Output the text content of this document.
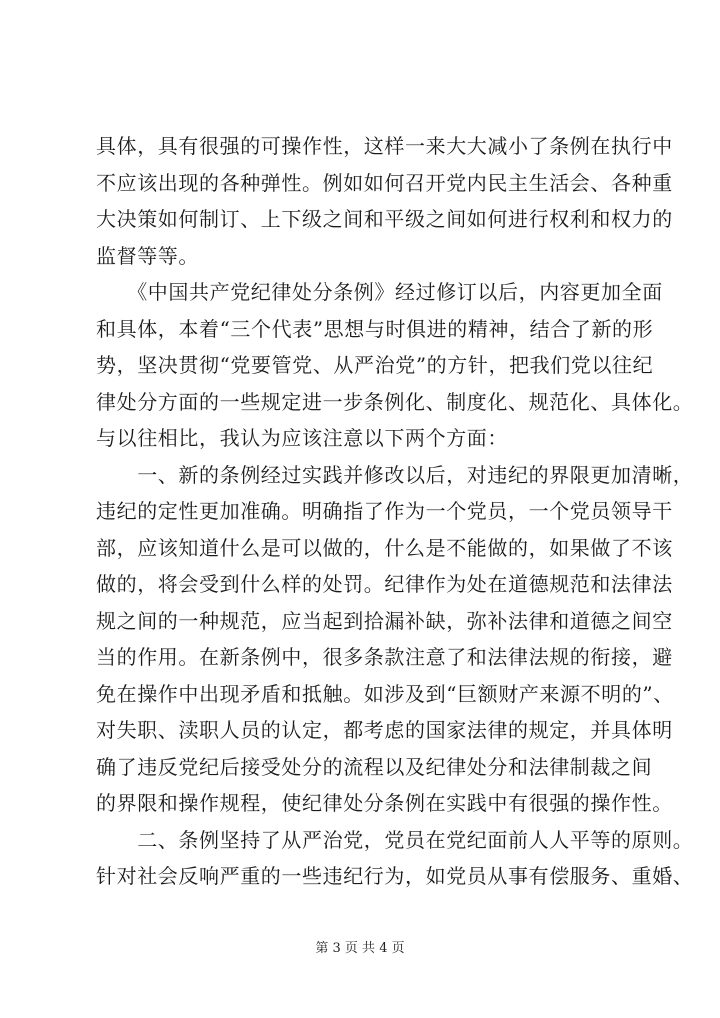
具体，具有很强的可操作性，这样一来大大减小了条例在执行中
不应该出现的各种弹性。例如如何召开党内民主生活会、各种重
大决策如何制订、上下级之间和平级之间如何进行权利和权力的
监督等等。
　　《中国共产党纪律处分条例》经过修订以后，内容更加全面
和具体，本着“三个代表”思想与时俱进的精神，结合了新的形
势，坚决贯彻“党要管党、从严治党”的方针，把我们党以往纪
律处分方面的一些规定进一步条例化、制度化、规范化、具体化。
与以往相比，我认为应该注意以下两个方面：
　　一、新的条例经过实践并修改以后，对违纪的界限更加清晰，
违纪的定性更加准确。明确指了作为一个党员，一个党员领导干
部，应该知道什么是可以做的，什么是不能做的，如果做了不该
做的，将会受到什么样的处罚。纪律作为处在道德规范和法律法
规之间的一种规范，应当起到拾漏补缺，弥补法律和道德之间空
当的作用。在新条例中，很多条款注意了和法律法规的衔接，避
免在操作中出现矛盾和抵触。如涉及到“巨额财产来源不明的”、
对失职、渎职人员的认定，都考虑的国家法律的规定，并具体明
确了违反党纪后接受处分的流程以及纪律处分和法律制裁之间
的界限和操作规程，使纪律处分条例在实践中有很强的操作性。
　　二、条例坚持了从严治党，党员在党纪面前人人平等的原则。
针对社会反响严重的一些违纪行为，如党员从事有偿服务、重婚、
第 3 页 共 4 页
